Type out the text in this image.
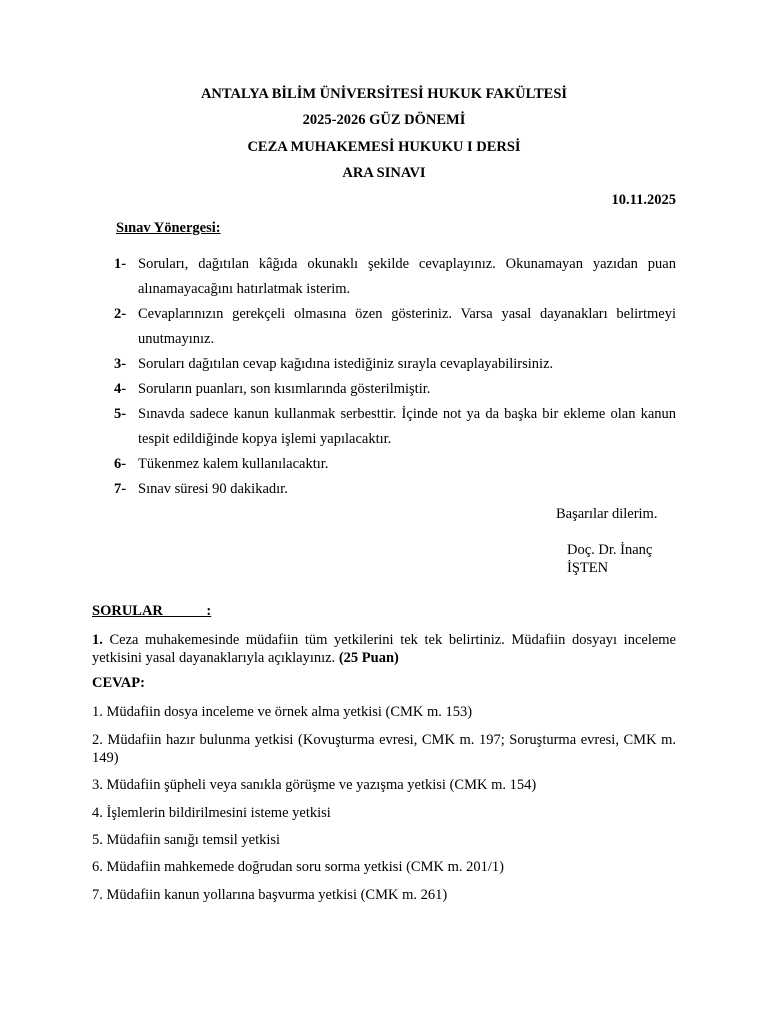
ANTALYA BİLİM ÜNİVERSİTESİ HUKUK FAKÜLTESİ
2025-2026 GÜZ DÖNEMİ
CEZA MUHAKEMESİ HUKUKU I DERSİ
ARA SINAVI
10.11.2025
Sınav Yönergesi:
1- Soruları, dağıtılan kâğıda okunaklı şekilde cevaplayınız. Okunamayan yazıdan puan alınamayacağını hatırlatmak isterim.
2- Cevaplarınızın gerekçeli olmasına özen gösteriniz. Varsa yasal dayanakları belirtmeyi unutmayınız.
3- Soruları dağıtılan cevap kağıdına istediğiniz sırayla cevaplayabilirsiniz.
4- Soruların puanları, son kısımlarında gösterilmiştir.
5- Sınavda sadece kanun kullanmak serbesttir. İçinde not ya da başka bir ekleme olan kanun tespit edildiğinde kopya işlemi yapılacaktır.
6- Tükenmez kalem kullanılacaktır.
7- Sınav süresi 90 dakikadır.
Başarılar dilerim.
Doç. Dr. İnanç
İŞTEN
SORULAR            :
1. Ceza muhakemesinde müdafiin tüm yetkilerini tek tek belirtiniz. Müdafiin dosyayı inceleme yetkisini yasal dayanaklarıyla açıklayınız. (25 Puan)
CEVAP:
1. Müdafiin dosya inceleme ve örnek alma yetkisi (CMK m. 153)
2. Müdafiin hazır bulunma yetkisi (Kovuşturma evresi, CMK m. 197; Soruşturma evresi, CMK m. 149)
3. Müdafiin şüpheli veya sanıkla görüşme ve yazışma yetkisi (CMK m. 154)
4. İşlemlerin bildirilmesini isteme yetkisi
5. Müdafiin sanığı temsil yetkisi
6. Müdafiin mahkemede doğrudan soru sorma yetkisi (CMK m. 201/1)
7. Müdafiin kanun yollarına başvurma yetkisi (CMK m. 261)
